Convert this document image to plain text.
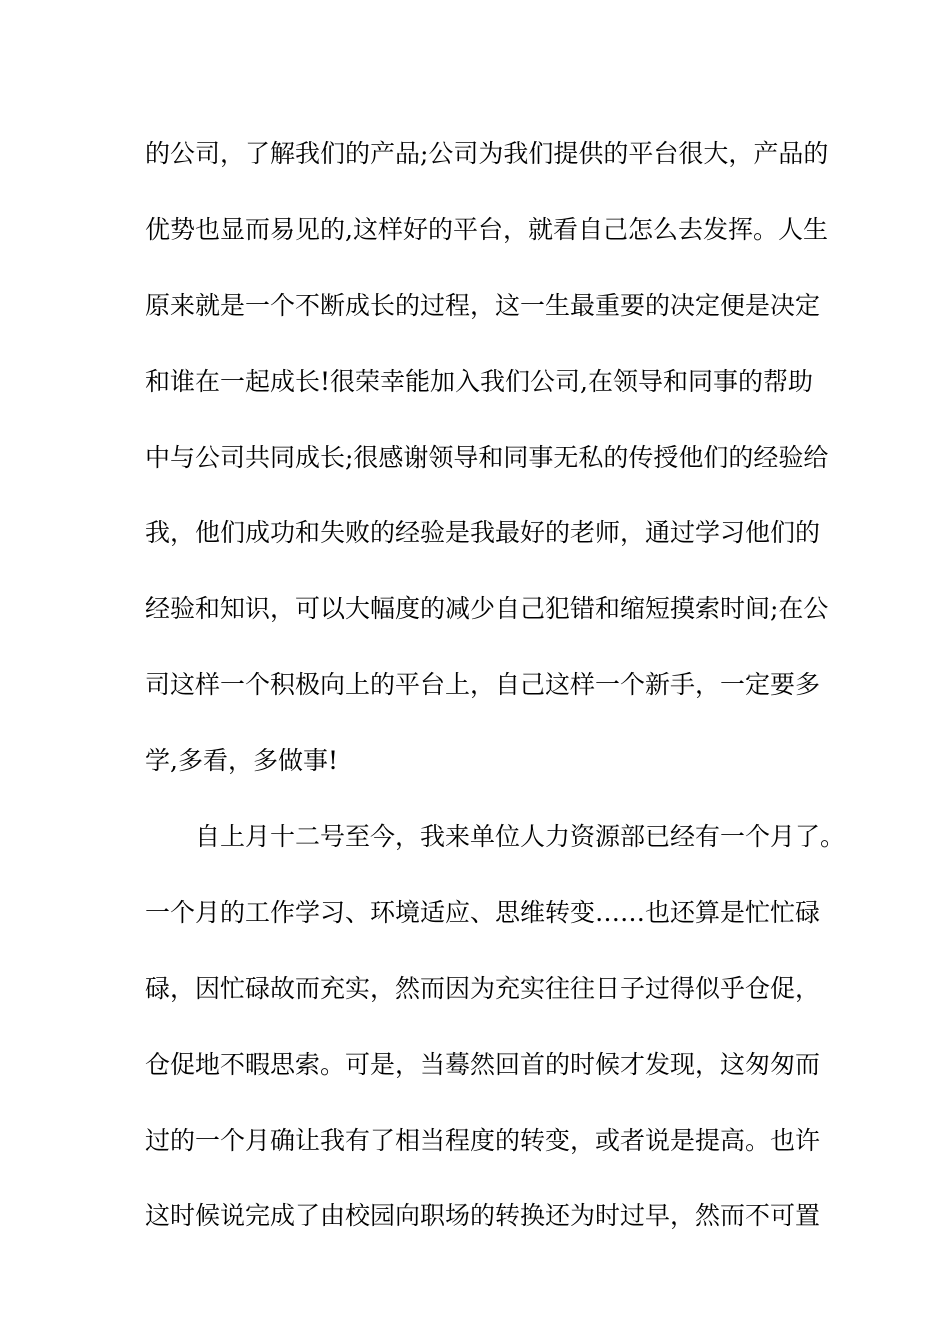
的公司，了解我们的产品;公司为我们提供的平台很大，产品的
优势也显而易见的,这样好的平台，就看自己怎么去发挥。人生
原来就是一个不断成长的过程，这一生最重要的决定便是决定
和谁在一起成长!很荣幸能加入我们公司,在领导和同事的帮助
中与公司共同成长;很感谢领导和同事无私的传授他们的经验给
我，他们成功和失败的经验是我最好的老师，通过学习他们的
经验和知识，可以大幅度的减少自己犯错和缩短摸索时间;在公
司这样一个积极向上的平台上，自己这样一个新手，一定要多
学,多看，多做事!
自上月十二号至今，我来单位人力资源部已经有一个月了。
一个月的工作学习、环境适应、思维转变……也还算是忙忙碌
碌，因忙碌故而充实，然而因为充实往往日子过得似乎仓促，
仓促地不暇思索。可是，当蓦然回首的时候才发现，这匆匆而
过的一个月确让我有了相当程度的转变，或者说是提高。也许
这时候说完成了由校园向职场的转换还为时过早，然而不可置
